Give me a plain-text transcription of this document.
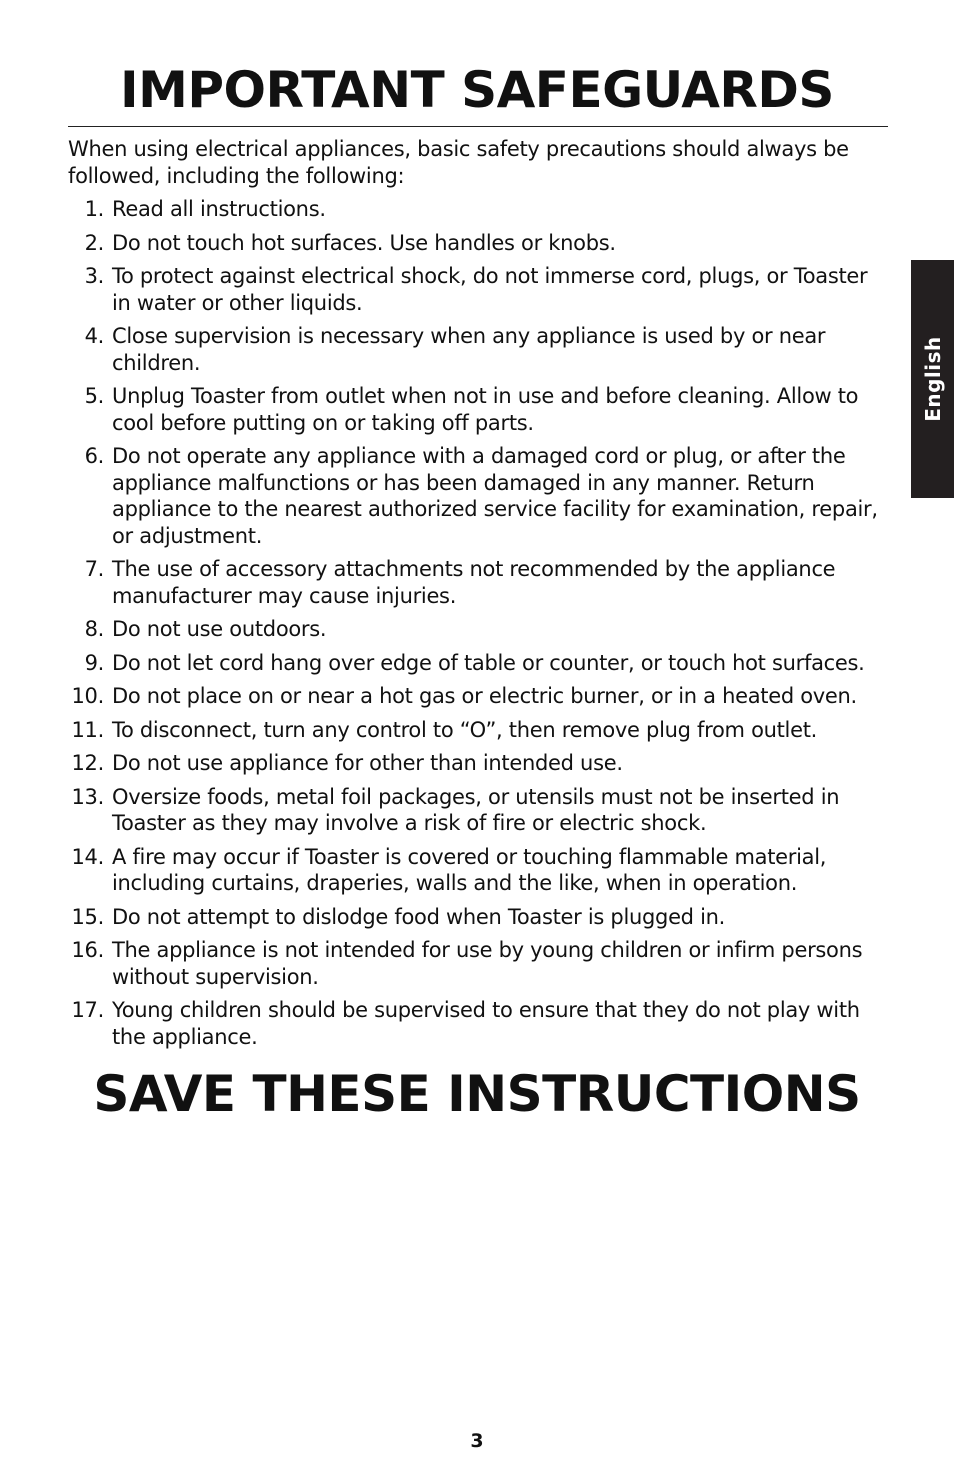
IMPORTANT SAFEGUARDS

When using electrical appliances, basic safety precautions should always be followed, including the following:

1. Read all instructions.
2. Do not touch hot surfaces. Use handles or knobs.
3. To protect against electrical shock, do not immerse cord, plugs, or Toaster in water or other liquids.
4. Close supervision is necessary when any appliance is used by or near children.
5. Unplug Toaster from outlet when not in use and before cleaning. Allow to cool before putting on or taking off parts.
6. Do not operate any appliance with a damaged cord or plug, or after the appliance malfunctions or has been damaged in any manner. Return appliance to the nearest authorized service facility for examination, repair, or adjustment.
7. The use of accessory attachments not recommended by the appliance manufacturer may cause injuries.
8. Do not use outdoors.
9. Do not let cord hang over edge of table or counter, or touch hot surfaces.
10. Do not place on or near a hot gas or electric burner, or in a heated oven.
11. To disconnect, turn any control to “O”, then remove plug from outlet.
12. Do not use appliance for other than intended use.
13. Oversize foods, metal foil packages, or utensils must not be inserted in Toaster as they may involve a risk of fire or electric shock.
14. A fire may occur if Toaster is covered or touching flammable material, including curtains, draperies, walls and the like, when in operation.
15. Do not attempt to dislodge food when Toaster is plugged in.
16. The appliance is not intended for use by young children or infirm persons without supervision.
17. Young children should be supervised to ensure that they do not play with the appliance.
SAVE THESE INSTRUCTIONS
English
3
